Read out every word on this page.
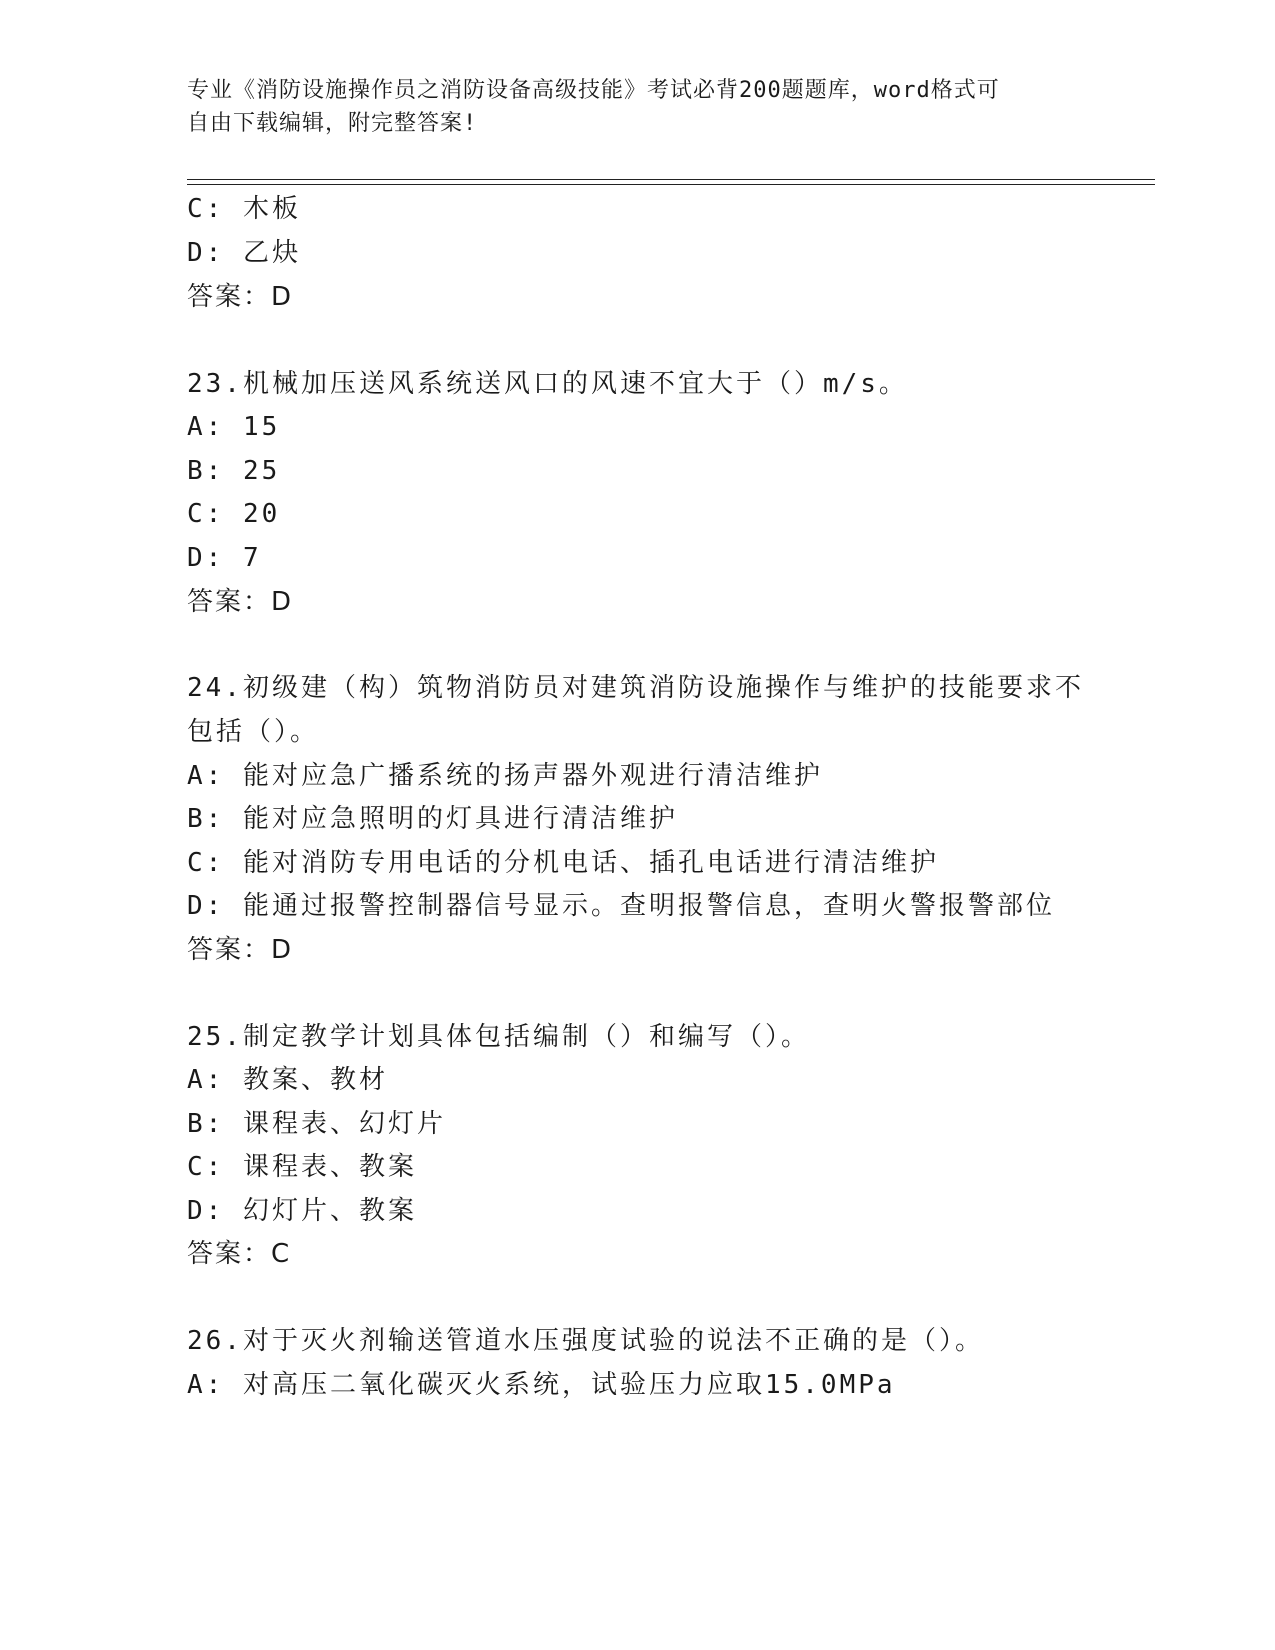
专业《消防设施操作员之消防设备高级技能》考试必背200题题库，word格式可
自由下载编辑，附完整答案!
C: 木板
D: 乙炔
答案：D
23.机械加压送风系统送风口的风速不宜大于（）m/s。
A: 15
B: 25
C: 20
D: 7
答案：D
24.初级建（构）筑物消防员对建筑消防设施操作与维护的技能要求不
包括（）。
A: 能对应急广播系统的扬声器外观进行清洁维护
B: 能对应急照明的灯具进行清洁维护
C: 能对消防专用电话的分机电话、插孔电话进行清洁维护
D: 能通过报警控制器信号显示。查明报警信息，查明火警报警部位
答案：D
25.制定教学计划具体包括编制（）和编写（）。
A: 教案、教材
B: 课程表、幻灯片
C: 课程表、教案
D: 幻灯片、教案
答案：C
26.对于灭火剂输送管道水压强度试验的说法不正确的是（）。
A: 对高压二氧化碳灭火系统，试验压力应取15.0MPa
